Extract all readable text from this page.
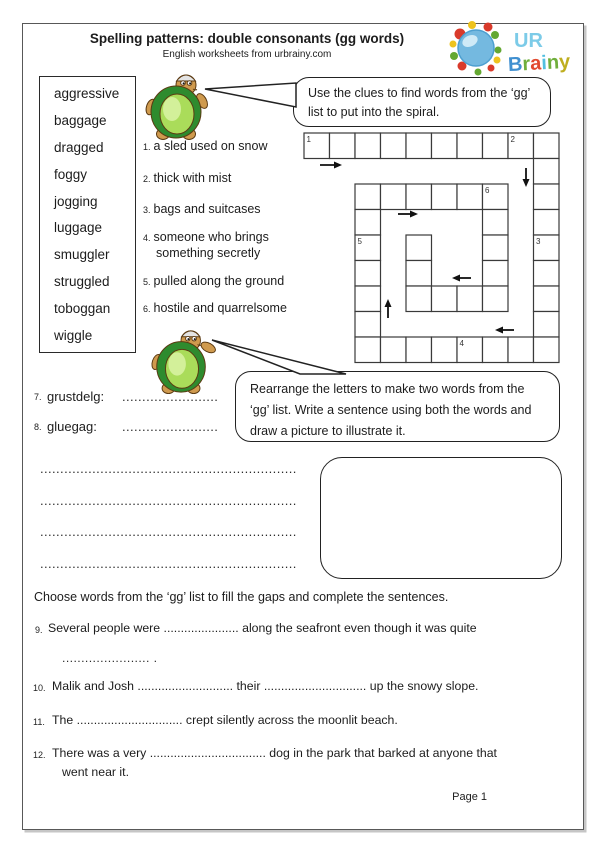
Spelling patterns: double consonants (gg words)
English worksheets from urbrainy.com
UR
Brainy
aggressive
baggage
dragged
foggy
jogging
luggage
smuggler
struggled
toboggan
wiggle
Use the clues to find words from the ‘gg’ list to put into the spiral.
Rearrange the letters to make two words from the ‘gg’ list. Write a sentence using both the words and draw a picture to illustrate it.
1. a sled used on snow
2. thick with mist
3. bags and suitcases
4. someone who brings something secretly
5. pulled along the ground
6. hostile and quarrelsome
1	2
3
4
5
6
7. grustdelg: ........................
8. gluegag: ........................
................................................................
................................................................
................................................................
................................................................
Choose words from the ‘gg’ list to fill the gaps and complete the sentences.
9. Several people were ...................... along the seafront even though it was quite
....................... .
10. Malik and Josh ............................ their .............................. up the snowy slope.
11. The ............................... crept silently across the moonlit beach.
12. There was a very .................................. dog in the park that barked at anyone that
went near it.
Page 1
